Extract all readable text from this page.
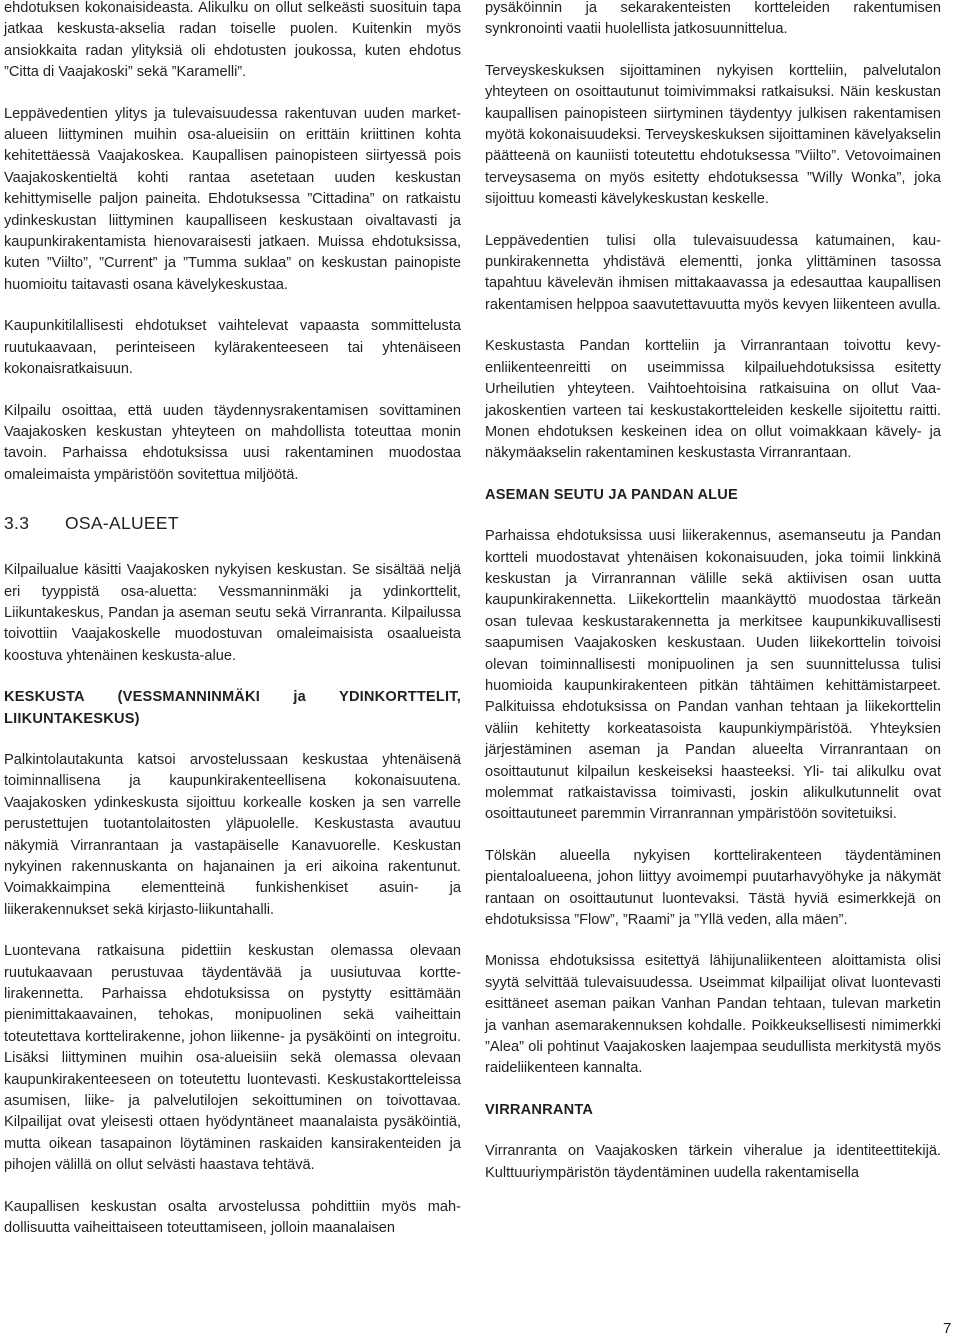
ehdotuksen kokonaisideasta. Alikulku on ollut selkeästi suosituin tapa jatkaa keskusta-akselia radan toiselle puolen. Kuitenkin myös ansiokkaita radan ylityksiä oli ehdotusten joukossa, kuten ehdotus ”Citta di Vaajakoski” sekä ”Karamelli”.

Leppävedentien ylitys ja tulevaisuudessa rakentuvan uuden market-alueen liittyminen muihin osa-alueisiin on erittäin kriittinen kohta kehitettäessä Vaajakoskea. Kaupallisen painopisteen siirtyessä pois Vaajakoskentieltä kohti rantaa asetetaan uuden keskustan kehittymiselle paljon paineita. Ehdotuksessa ”Cittadina” on ratkaistu ydinkeskustan liittyminen kaupalliseen keskustaan oivaltavasti ja kaupunkirakentamista hienovaraisesti jatkaen. Muissa ehdotuksissa, kuten ”Viilto”, ”Current” ja ”Tumma suklaa” on keskustan painopiste huomioitu taitavasti osana kävelykeskustaa.

Kaupunkitilallisesti ehdotukset vaihtelevat vapaasta sommittelusta ruutukaavaan, perinteiseen kylärakenteeseen tai yhtenäiseen kokonaisratkaisuun.

Kilpailu osoittaa, että uuden täydennysrakentamisen sovittaminen Vaajakosken keskustan yhteyteen on mahdollista toteuttaa monin tavoin. Parhaissa ehdotuksissa uusi rakentaminen muodostaa omaleimaista ympäristöön sovitettua miljöötä.

3.3 OSA-ALUEET

Kilpailualue käsitti Vaajakosken nykyisen keskustan. Se sisältää neljä eri tyyppistä osa-aluetta: Vessmanninmäki ja ydinkorttelit, Liikuntakeskus, Pandan ja aseman seutu sekä Virranranta. Kilpailussa toivottiin Vaajakoskelle muodostuvan omaleimaisista osaalueista koostuva yhtenäinen keskusta-alue.

KESKUSTA (VESSMANNINMÄKI ja YDINKORTTELIT, LIIKUNTAKESKUS)

Palkintolautakunta katsoi arvostelussaan keskustaa yhtenäisenä toiminnallisena ja kaupunkirakenteellisena kokonaisuutena. Vaajakosken ydinkeskusta sijoittuu korkealle kosken ja sen varrelle perustettujen tuotantolaitosten yläpuolelle. Keskustasta avautuu näkymiä Virranrantaan ja vastapäiselle Kanavuorelle. Keskustan nykyinen rakennuskanta on hajanainen ja eri aikoina rakentunut. Voimakkaimpina elementteinä funkishenkiset asuin- ja liikerakennukset sekä kirjasto-liikuntahalli.

Luontevana ratkaisuna pidettiin keskustan olemassa olevaan ruutukaavaan perustuvaa täydentävää ja uusiutuvaa korttelirakennetta. Parhaissa ehdotuksissa on pystytty esittämään pienimittakaavainen, tehokas, monipuolinen sekä vaiheittain toteutettava korttelirakenne, johon liikenne- ja pysäköinti on integroitu. Lisäksi liittyminen muihin osa-alueisiin sekä olemassa olevaan kaupunkirakenteeseen on toteutettu luontevasti. Keskustakortteleissa asumisen, liike- ja palvelutilojen sekoittuminen on toivottavaa. Kilpailijat ovat yleisesti ottaen hyödyntäneet maanalaista pysäköintiä, mutta oikean tasapainon löytäminen raskaiden kansirakenteiden ja pihojen välillä on ollut selvästi haastava tehtävä.

Kaupallisen keskustan osalta arvostelussa pohdittiin myös mahdollisuutta vaiheittaiseen toteuttamiseen, jolloin maanalaisen

pysäköinnin ja sekarakenteisten kortteleiden rakentumisen synkronointi vaatii huolellista jatkosuunnittelua.

Terveyskeskuksen sijoittaminen nykyisen kortteliin, palvelutalon yhteyteen on osoittautunut toimivimmaksi ratkaisuksi. Näin keskustan kaupallisen painopisteen siirtyminen täydentyy julkisen rakentamisen myötä kokonaisuudeksi. Terveyskeskuksen sijoittaminen kävelyakselin päätteenä on kauniisti toteutettu ehdotuksessa ”Viilto”. Vetovoimainen terveysasema on myös esitetty ehdotuksessa ”Willy Wonka”, joka sijoittuu komeasti kävelykeskustan keskelle.

Leppävedentien tulisi olla tulevaisuudessa katumainen, kaupunkirakennetta yhdistävä elementti, jonka ylittäminen tasossa tapahtuu kävelevän ihmisen mittakaavassa ja edesauttaa kaupallisen rakentamisen helppoa saavutettavuutta myös kevyen liikenteen avulla.

Keskustasta Pandan kortteliin ja Virranrantaan toivottu kevyenliikenteenreitti on useimmissa kilpailuehdotuksissa esitetty Urheilutien yhteyteen. Vaihtoehtoisina ratkaisuina on ollut Vaajakoskentien varteen tai keskustakortteleiden keskelle sijoitettu raitti. Monen ehdotuksen keskeinen idea on ollut voimakkaan kävely- ja näkymäakselin rakentaminen keskustasta Virranrantaan.

ASEMAN SEUTU JA PANDAN ALUE

Parhaissa ehdotuksissa uusi liikerakennus, asemanseutu ja Pandan kortteli muodostavat yhtenäisen kokonaisuuden, joka toimii linkkinä keskustan ja Virranrannan välille sekä aktiivisen osan uutta kaupunkirakennetta. Liikekorttelin maankäyttö muodostaa tärkeän osan tulevaa keskustarakennetta ja merkitsee kaupunkikuvallisesti saapumisen Vaajakosken keskustaan. Uuden liikekorttelin toivoisi olevan toiminnallisesti monipuolinen ja sen suunnittelussa tulisi huomioida kaupunkirakenteen pitkän tähtäimen kehittämistarpeet. Palkituissa ehdotuksissa on Pandan vanhan tehtaan ja liikekorttelin väliin kehitetty korkeatasoista kaupunkiympäristöä. Yhteyksien järjestäminen aseman ja Pandan alueelta Virranrantaan on osoittautunut kilpailun keskeiseksi haasteeksi. Yli- tai alikulku ovat molemmat ratkaistavissa toimivasti, joskin alikulkutunnelit ovat osoittautuneet paremmin Virranrannan ympäristöön sovitetuiksi.

Tölskän alueella nykyisen korttelirakenteen täydentäminen pientaloalueena, johon liittyy avoimempi puutarhavyöhyke ja näkymät rantaan on osoittautunut luontevaksi. Tästä hyviä esimerkkejä on ehdotuksissa ”Flow”, ”Raami” ja ”Yllä veden, alla mäen”.

Monissa ehdotuksissa esitettyä lähijunaliikenteen aloittamista olisi syytä selvittää tulevaisuudessa. Useimmat kilpailijat olivat luontevasti esittäneet aseman paikan Vanhan Pandan tehtaan, tulevan marketin ja vanhan asemarakennuksen kohdalle. Poikkeuksellisesti nimimerkki ”Alea” oli pohtinut Vaajakosken laajempaa seudullista merkitystä myös raideliikenteen kannalta.

VIRRANRANTA

Virranranta on Vaajakosken tärkein viheralue ja identiteettitekijä. Kulttuuriympäristön täydentäminen uudella rakentamisella

7
